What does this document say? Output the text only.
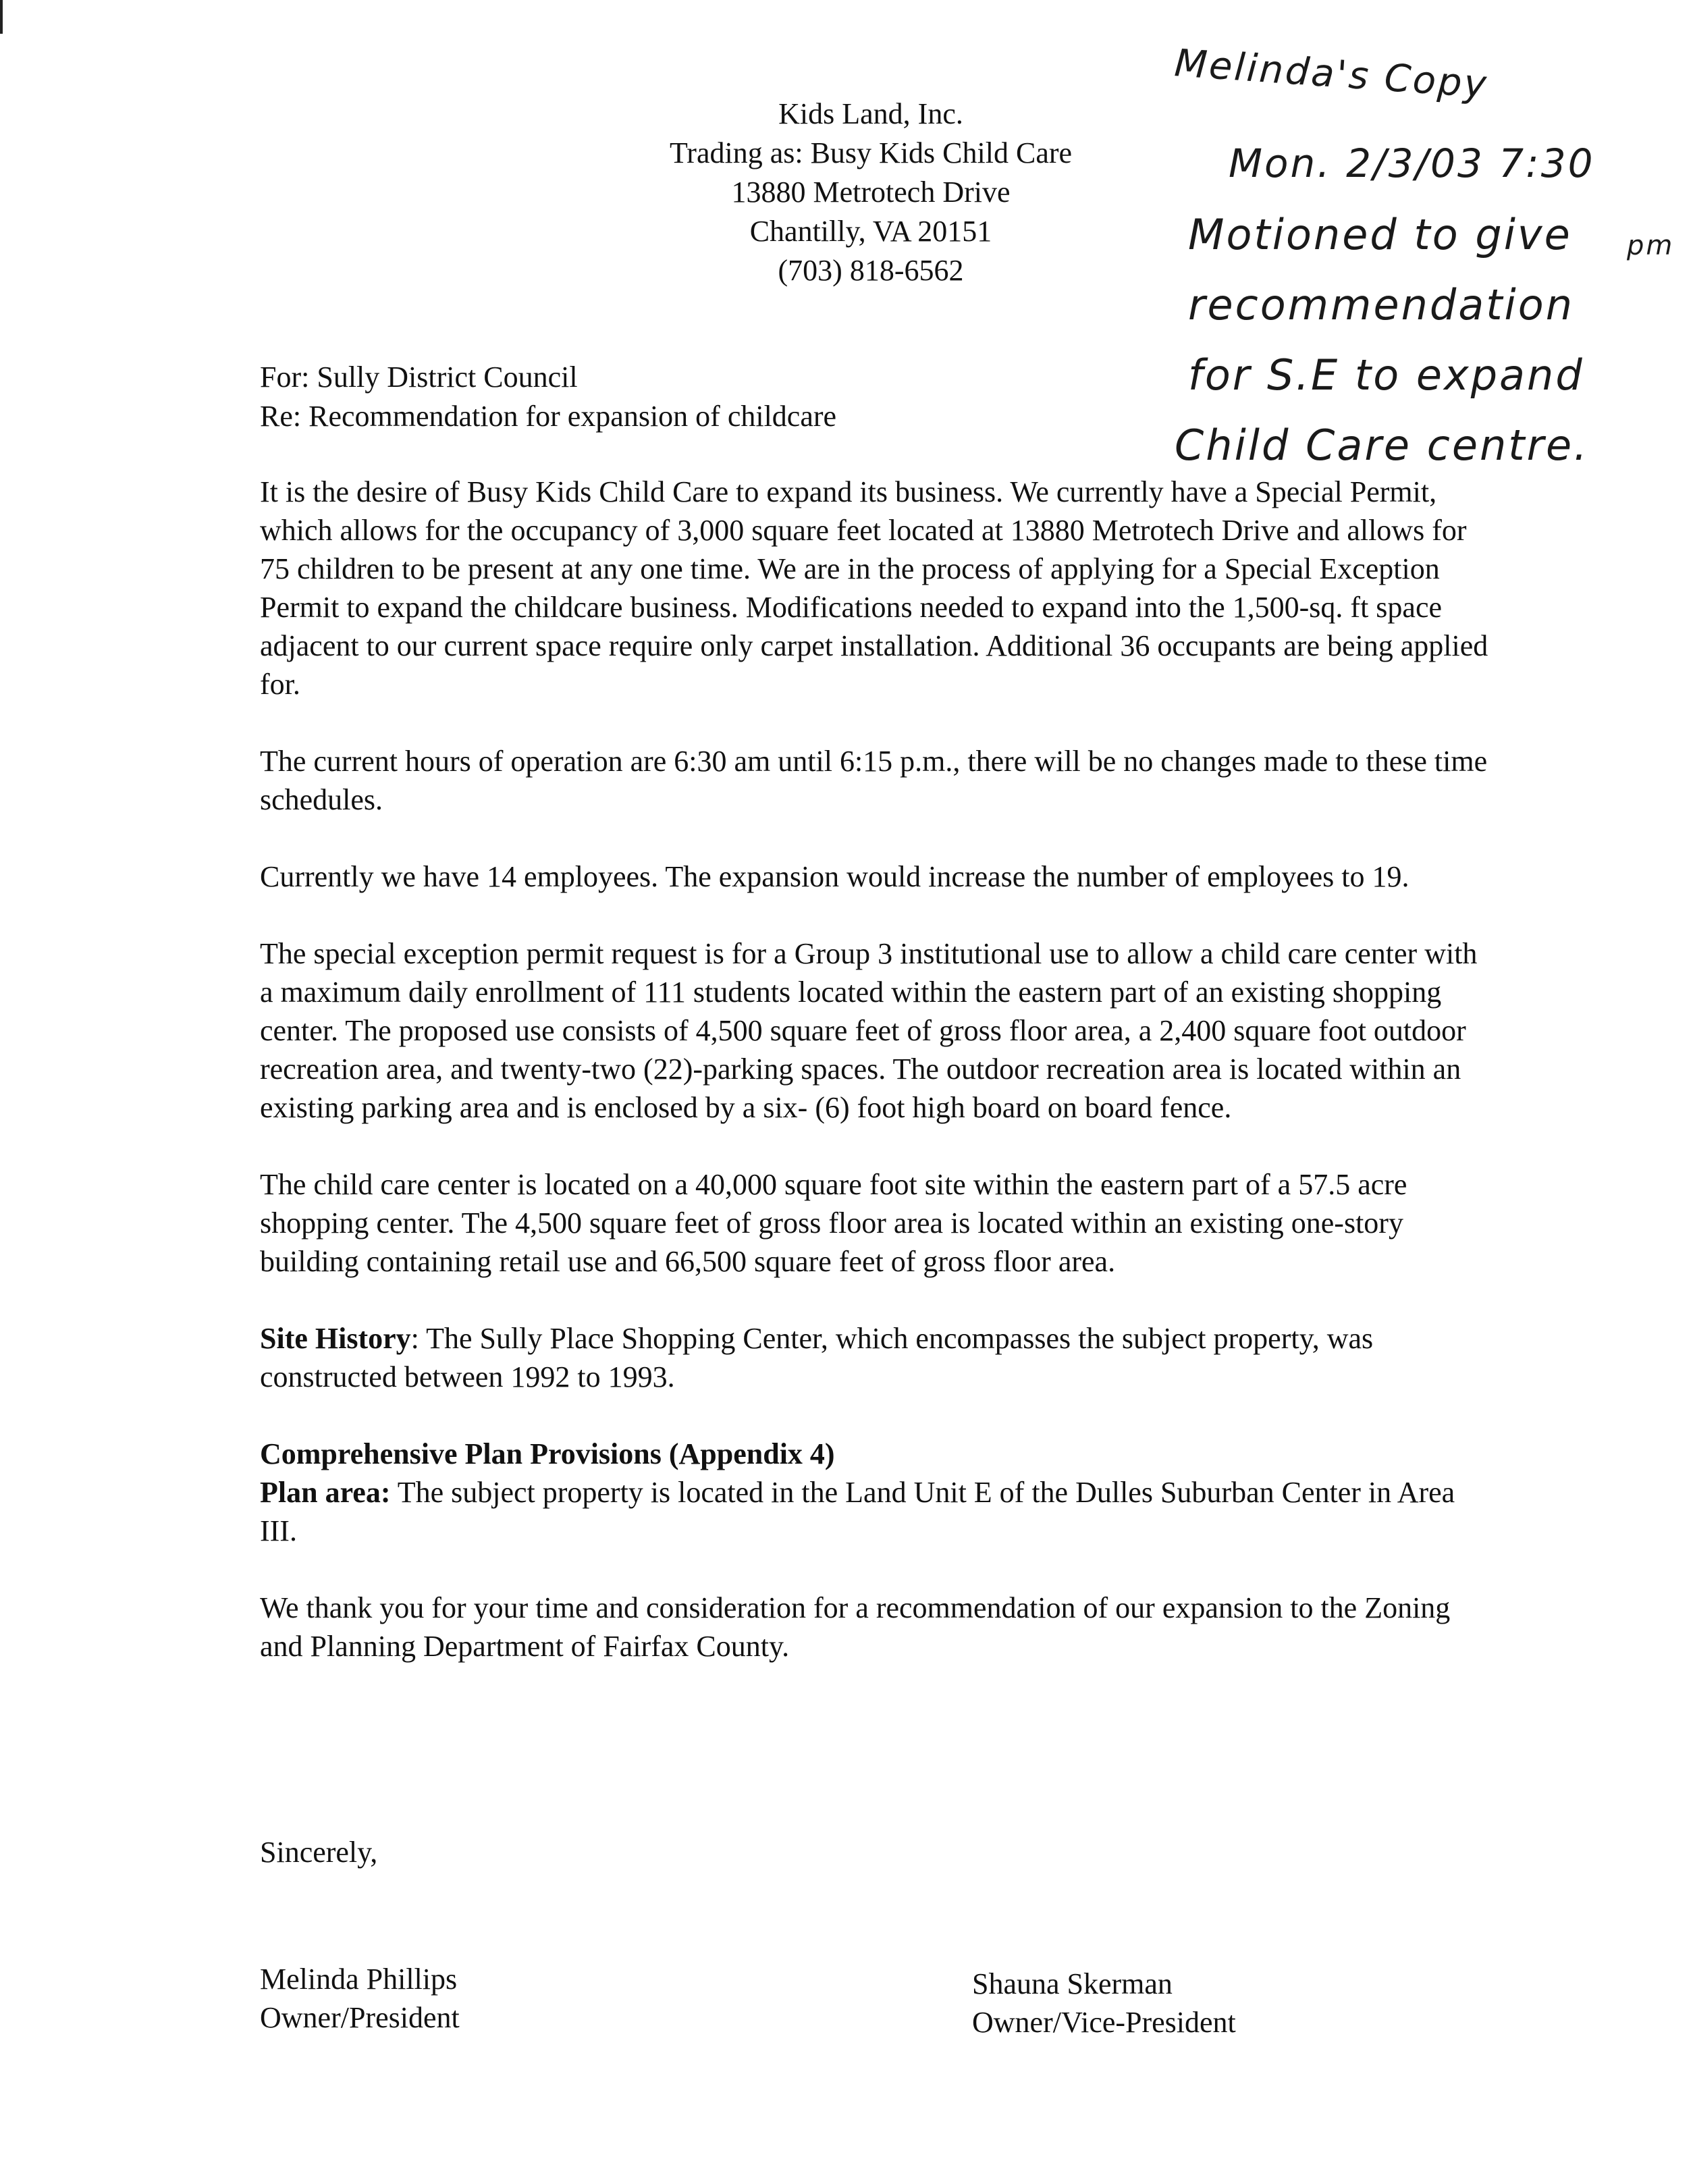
Kids Land, Inc.
Trading as: Busy Kids Child Care
13880 Metrotech Drive
Chantilly, VA 20151
(703) 818-6562
Melinda's Copy
Mon. 2/3/03 7:30
pm
Motioned to give
recommendation
for S.E to expand
Child Care centre.
For: Sully District Council
Re: Recommendation for expansion of childcare

It is the desire of Busy Kids Child Care to expand its business. We currently have a Special Permit, which allows for the occupancy of 3,000 square feet located at 13880 Metrotech Drive and allows for 75 children to be present at any one time. We are in the process of applying for a Special Exception Permit to expand the childcare business. Modifications needed to expand into the 1,500-sq. ft space adjacent to our current space require only carpet installation. Additional 36 occupants are being applied for.

The current hours of operation are 6:30 am until 6:15 p.m., there will be no changes made to these time schedules.

Currently we have 14 employees. The expansion would increase the number of employees to 19.

The special exception permit request is for a Group 3 institutional use to allow a child care center with a maximum daily enrollment of 111 students located within the eastern part of an existing shopping center. The proposed use consists of 4,500 square feet of gross floor area, a 2,400 square foot outdoor recreation area, and twenty-two (22)-parking spaces. The outdoor recreation area is located within an existing parking area and is enclosed by a six- (6) foot high board on board fence.

The child care center is located on a 40,000 square foot site within the eastern part of a 57.5 acre shopping center. The 4,500 square feet of gross floor area is located within an existing one-story building containing retail use and 66,500 square feet of gross floor area.

Site History: The Sully Place Shopping Center, which encompasses the subject property, was constructed between 1992 to 1993.

Comprehensive Plan Provisions (Appendix 4)
Plan area: The subject property is located in the Land Unit E of the Dulles Suburban Center in Area III.

We thank you for your time and consideration for a recommendation of our expansion to the Zoning and Planning Department of Fairfax County.

Sincerely,
Melinda Phillips
Owner/President
Shauna Skerman
Owner/Vice-President
